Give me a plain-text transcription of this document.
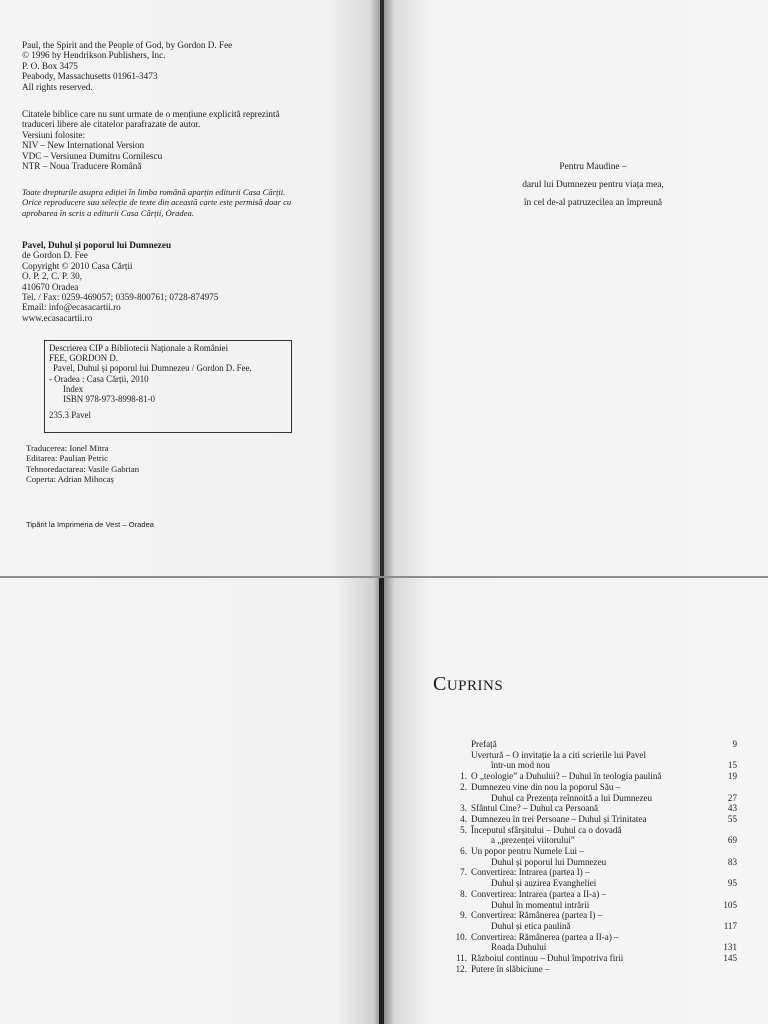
Paul, the Spirit and the People of God, by Gordon D. Fee
© 1996 by Hendrikson Publishers, Inc.
P. O. Box 3475
Peabody, Massachusetts 01961-3473
All rights reserved.
Citatele biblice care nu sunt urmate de o mențiune explicită reprezintă
traduceri libere ale citatelor parafrazate de autor.
Versiuni folosite:
NIV – New International Version
VDC – Versiunea Dumitru Cornilescu
NTR – Noua Traducere Română
Toate drepturile asupra ediției în limba română aparțin editurii Casa Cărții.
Orice reproducere sau selecție de texte din această carte este permisă doar cu
aprobarea în scris a editurii Casa Cărții, Oradea.
Pavel, Duhul și poporul lui Dumnezeu
de Gordon D. Fee
Copyright © 2010 Casa Cărții
O. P. 2, C. P. 30,
410670 Oradea
Tel. / Fax: 0259-469057; 0359-800761; 0728-874975
Email: info@ecasacartii.ro
www.ecasacartii.ro
Descrierea CIP a Bibliotecii Naționale a României
FEE, GORDON D.
Pavel, Duhul și poporul lui Dumnezeu / Gordon D. Fee.
- Oradea : Casa Cărții, 2010
Index
ISBN 978-973-8998-81-0
235.3 Pavel
Traducerea: Ionel Mitra
Editarea: Paulian Petric
Tehnoredactarea: Vasile Gabrian
Coperta: Adrian Mihocaș
Tipărit la Imprimeria de Vest – Oradea
Pentru Maudine –
darul lui Dumnezeu pentru viața mea,
în cel de-al patruzecilea an împreună
CUPRINS
Prefață	9
Uvertură – O invitație la a citi scrierile lui Pavel
într-un mod nou	15
1. O „teologie” a Duhului? – Duhul în teologia paulină	19
2. Dumnezeu vine din nou la poporul Său –
Duhul ca Prezența reînnoită a lui Dumnezeu	27
3. Sfântul Cine? – Duhul ca Persoană	43
4. Dumnezeu în trei Persoane – Duhul și Trinitatea	55
5. Începutul sfârșitului – Duhul ca o dovadă
a „prezenței viitorului”	69
6. Un popor pentru Numele Lui –
Duhul și poporul lui Dumnezeu	83
7. Convertirea: Intrarea (partea I) –
Duhul și auzirea Evangheliei	95
8. Convertirea: Intrarea (partea a II-a) –
Duhul în momentul intrării	105
9. Convertirea: Rămânerea (partea I) –
Duhul și etica paulină	117
10. Convertirea: Rămânerea (partea a II-a) –
Roada Duhului	131
11. Războiul continuu – Duhul împotriva firii	145
12. Putere în slăbiciune –
